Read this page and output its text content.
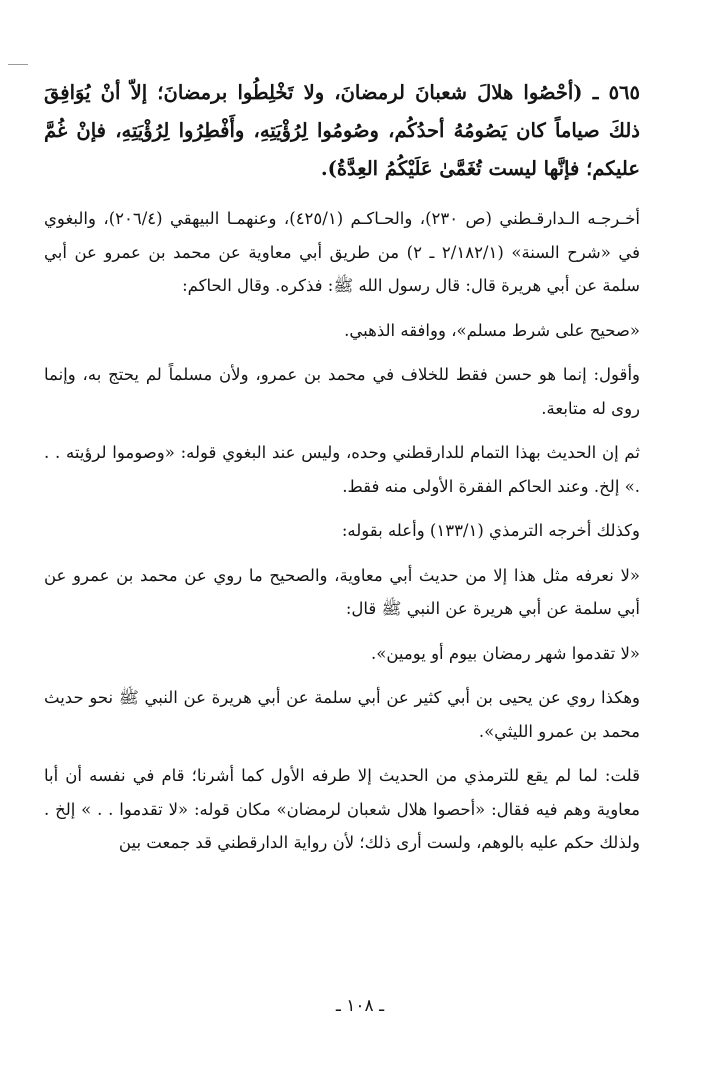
٥٦٥ ـ (أحْصُوا هلالَ شعبانَ لرمضانَ، ولا تَخْلِطُوا برمضانَ؛ إلاّ أنْ يُوَافِقَ ذلكَ صياماً كان يَصُومُهُ أحدُكُم، وصُومُوا لِرُؤْيَتِهِ، وأَفْطِرُوا لِرُؤْيَتِهِ، فإنْ غُمَّ عليكم؛ فإنَّها ليست تُغَمَّىٰ عَلَيْكُمُ العِدَّةُ).

أخـرجـه الـدارقـطني (ص ٢٣٠)، والحـاكـم (٤٢٥/١)، وعنهمـا البيهقي (٢٠٦/٤)، والبغوي في «شرح السنة» (٢/١٨٢/١ ـ ٢) من طريق أبي معاوية عن محمد بن عمرو عن أبي سلمة عن أبي هريرة قال: قال رسول الله ﷺ: فذكره. وقال الحاكم:

«صحيح على شرط مسلم»، ووافقه الذهبي.

وأقول: إنما هو حسن فقط للخلاف في محمد بن عمرو، ولأن مسلماً لم يحتج به، وإنما روى له متابعة.

ثم إن الحديث بهذا التمام للدارقطني وحده، وليس عند البغوي قوله: «وصوموا لرؤيته . . .» إلخ. وعند الحاكم الفقرة الأولى منه فقط.

وكذلك أخرجه الترمذي (١٣٣/١) وأعله بقوله:

«لا نعرفه مثل هذا إلا من حديث أبي معاوية، والصحيح ما روي عن محمد بن عمرو عن أبي سلمة عن أبي هريرة عن النبي ﷺ قال:

«لا تقدموا شهر رمضان بيوم أو يومين».

وهكذا روي عن يحيى بن أبي كثير عن أبي سلمة عن أبي هريرة عن النبي ﷺ نحو حديث محمد بن عمرو الليثي».

قلت: لما لم يقع للترمذي من الحديث إلا طرفه الأول كما أشرنا؛ قام في نفسه أن أبا معاوية وهم فيه فقال: «أحصوا هلال شعبان لرمضان» مكان قوله: «لا تقدموا . . » إلخ . ولذلك حكم عليه بالوهم، ولست أرى ذلك؛ لأن رواية الدارقطني قد جمعت بين

ـ ١٠٨ ـ
